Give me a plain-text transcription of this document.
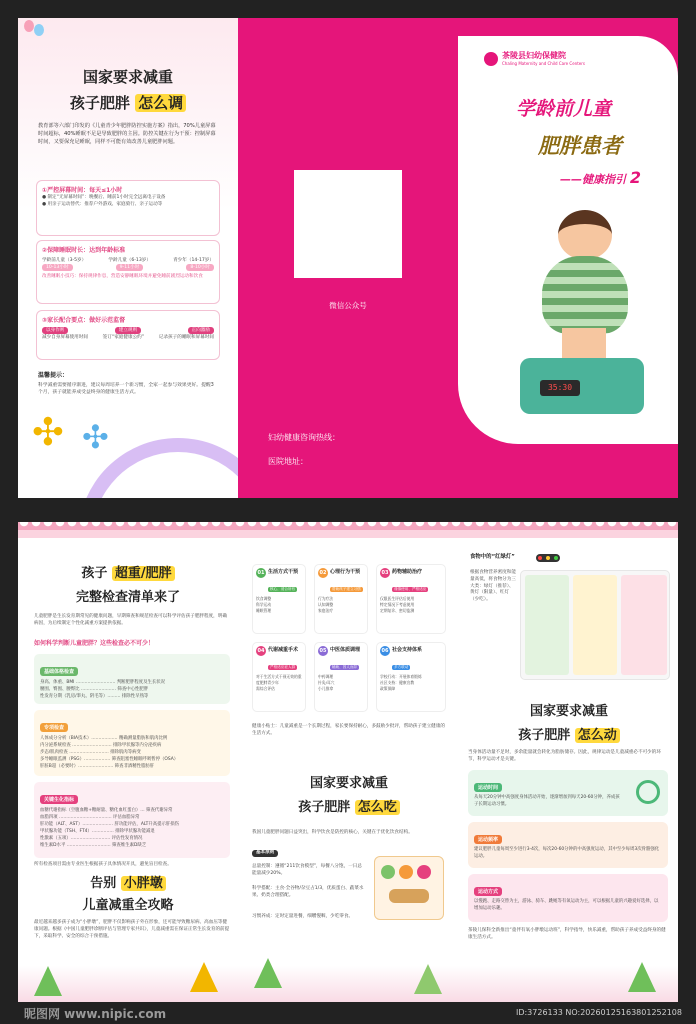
国家要求减重
孩子肥胖 怎么调
教育部等六部门印发的《儿童青少年肥胖防控实施方案》指出，70%儿童屏幕时间超标，40%睡眠不足是导致肥胖的主因。防控关键在行为干预：控制屏幕时间，又要保充足睡眠，同样不可能有效改善儿童肥胖问题。
①严控屏幕时间：每天≤1小时
● 制定“无屏幕时间”：晚餐后、睡前1小时完全远离电子设备
● 用亲子运动替代：推荐户外游戏、家庭骑行、亲子运动等
②保障睡眠时长：达到年龄标准
学龄前儿童（3-5岁）	学龄儿童（6-13岁）	青少年（14-17岁）
10-13小时	9-11小时	8-10小时
改善睡眠小技巧：保持规律作息，营造安静睡眠环境并避免睡前剧烈运动和饮食
③家长配合要点：做好示范监督
以身作则	建立规则	正向激励
减少自身屏幕使用时间	签订“家庭健康公约”	记录孩子的睡眠和屏幕时间
温馨提示：
科学减重需要循序渐进，建议每周培养一个新习惯，全家一起参与效果更好。提醒3个月，孩子就能养成受益终身的健康生活方式。
✣ ✣
微信公众号
妇幼健康咨询热线：
医院地址：
茶陵县妇幼保健院
Chaling Maternity and Child Care Centers
学龄前儿童
肥胖患者
——健康指引 2
35:30
孩子 超重/肥胖
完整检查清单来了
儿童肥胖是生长发育期常见的健康问题，早期筛查和规范检查可以科学评估孩子肥胖程度，明确病因，为后续制定个性化减重方案提供依据。
如何科学判断儿童肥胖？这些检查必不可少！
基础体格检查
身高、体重、BMI ……………………… 判断肥胖程度及生长状况
腰围、臀围、腰臀比 …………………… 筛查中心性肥胖
性发育分期（乳房/睾丸、阴毛等）……… 排除性早熟等
专项检查
人体成分分析（BIA技术）……………… 精确测量脂肪和肌肉比例
内分泌系统检查 ……………………… 排除甲状腺等内分泌疾病
步态/肌肉检查 ……………………… 排除肌肉等病变
多导睡眠监测（PSG）……………… 筛查阻塞性睡眠呼吸暂停（OSA）
肝脏B超（必要时）…………………… 筛查非酒精性脂肪肝
关键生化指标
血糖代谢指标（空腹血糖+糖耐量、糖化血红蛋白）… 筛查代谢异常
血脂四项 ……………………………… 评估血脂异常
肝功能（ALT、AST）………………… 肝功能评估，ALT升高提示肝损伤
甲状腺功能（TSH、FT4）…………… 排除甲状腺功能减退
性激素（五项）……………………… 评估性发育情况
维生素D水平 ………………………… 筛查维生素D缺乏
所有检查项目需由专业医生根据孩子具体情况开具，避免盲目检查。
告别 小胖墩
儿童减重全攻略
最近越来越多孩子成为“小胖墩”，肥胖不仅影响孩子外在形象，还可能导致糖尿病、高血压等健康问题。根据《中国儿童肥胖诊断评估与管理专家共识》，儿童减重需在保证正常生长发育的前提下，采取科学、安全的综合干预措施。
01 生活方式干预
核心、适合所有
饮食调整
科学运动
睡眠管理
02 心理行为干预
帮助孩子建立习惯
行为疗法
认知调整
家庭治疗
03 药物辅助治疗
谨慎使用、严格适应
仅限医生评估后使用
特定情况下考虑使用
定期复诊、密切监测
04 代谢减重手术
严格适应症人群
对于生活方式干预无效的重度肥胖青少年
需综合评估
05 中医体质调理
辅助、因人而异
中药调理
针灸/耳穴
小儿推拿
06 社会支持体系
多方联动
学校行动：开展体育锻炼
社区支持：健康宣教
政策保障
健康小贴士：儿童减重是一个长期过程，家长要保持耐心，多鼓励少批评，帮助孩子建立健康的生活方式。
国家要求减重
孩子肥胖 怎么吃
我国儿童肥胖问题日益突出，科学饮食是防控的核心，关键在于优化饮食结构。
基本原则
总量控制：遵循“211饮食模型”，每餐八分饱，一日总能量减少20%。
科学搭配：主食·全谷物/杂豆占1/3，优质蛋白、蔬菜水果、奶类合理搭配。
习惯养成：定时定量进餐，细嚼慢咽，少吃零食。
食物中的“红绿灯”
根据食物营养密度和能量高低，将食物分为三大类：绿灯（推荐）、黄灯（限量）、红灯（少吃）。
国家要求减重
孩子肥胖 怎么动
当身体活动量不足时，多余能量就会转化为脂肪储存。因此，规律运动是儿童减重必不可少的环节，科学运动才是关键。
运动时间
从每天20分钟中高强度身体活动开始，逐渐增加到每天20-60分钟，养成孩子长期运动习惯。
运动频率
建议肥胖儿童每周至少进行3-4次，每次20-60分钟的中高强度运动，其中至少每周3次骨骼强化运动。
运动方式
以慢跑、走路交替为主，游泳、骑车、跳绳等有氧运动为主，可以根据儿童的兴趣爱好选择，以增加运动乐趣。
茶陵儿保科全新推出“童伴有氧小胖墩运动班”，科学指导，快乐减重，帮助孩子养成受益终身的健康生活方式。
昵图网 www.nipic.com	ID:3726133 NO:20260125163801252108
